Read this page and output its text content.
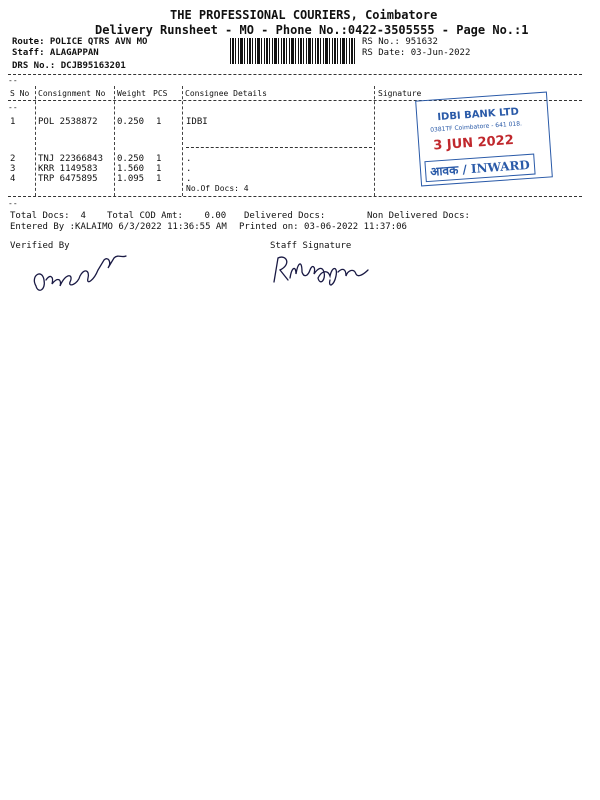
THE PROFESSIONAL COURIERS, Coimbatore
Delivery Runsheet - MO - Phone No.:0422-3505555 - Page No.:1
Route: POLICE QTRS AVN MO
Staff: ALAGAPPAN
DRS No.: DCJB95163201
RS No.: 951632
RS Date: 03-Jun-2022
--
S No Consignment No Weight PCS Consignee Details	Signature
--
1	POL 2538872 0.250 1	IDBI
2	TNJ 22366843 0.250 1	.
3	KRR 1149583 1.560 1	.
4	TRP 6475895 1.095 1	.
No.Of Docs: 4
--
Total Docs:  4 Total COD Amt:    0.00 Delivered Docs:	Non Delivered Docs:
Entered By :KALAIMO 6/3/2022 11:36:55 AM Printed on: 03-06-2022 11:37:06
Verified By	Staff Signature
IDBI BANK LTD
0381TF Coimbatore - 641 018.
3 JUN 2022
आवक / INWARD
